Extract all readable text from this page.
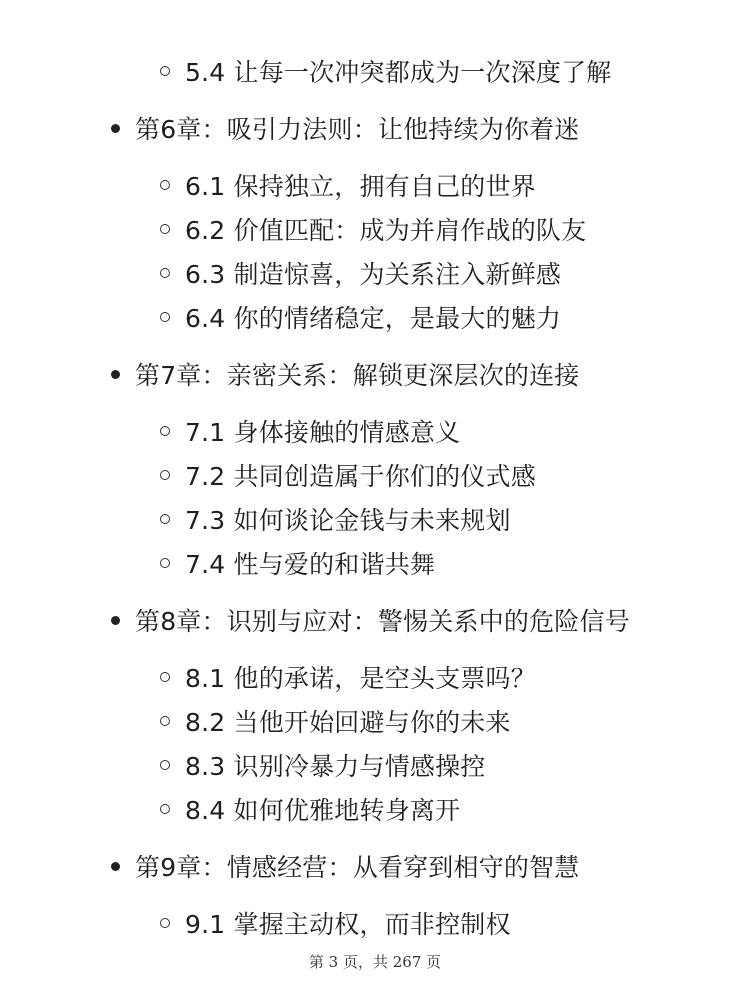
5.4 让每一次冲突都成为一次深度了解
第6章：吸引力法则：让他持续为你着迷
6.1 保持独立，拥有自己的世界
6.2 价值匹配：成为并肩作战的队友
6.3 制造惊喜，为关系注入新鲜感
6.4 你的情绪稳定，是最大的魅力
第7章：亲密关系：解锁更深层次的连接
7.1 身体接触的情感意义
7.2 共同创造属于你们的仪式感
7.3 如何谈论金钱与未来规划
7.4 性与爱的和谐共舞
第8章：识别与应对：警惕关系中的危险信号
8.1 他的承诺，是空头支票吗？
8.2 当他开始回避与你的未来
8.3 识别冷暴力与情感操控
8.4 如何优雅地转身离开
第9章：情感经营：从看穿到相守的智慧
9.1 掌握主动权，而非控制权
第 3 页，共 267 页
